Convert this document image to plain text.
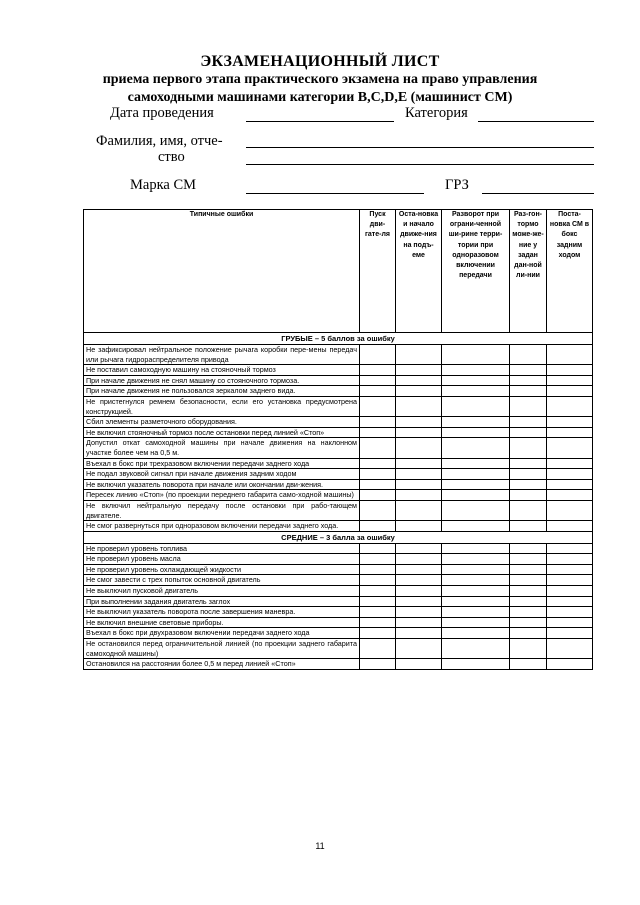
ЭКЗАМЕНАЦИОННЫЙ ЛИСТ
приема первого этапа практического экзамена на право управления
самоходными машинами категории B,C,D,E (машинист СМ)
Дата проведения	Категория
Фамилия, имя, отче-
ство
Марка СМ	ГРЗ
Типичные ошибки	Пуск дви-гате-ля	Оста-новка и начало движе-ния на подъ-еме	Разворот при ограни-ченной ши-рине терри-тории при одноразовом включении передачи	Раз-гон-тормо може-же-ние у задан дан-ной ли-нии	Поста-новка СМ в бокс задним ходом
ГРУБЫЕ – 5 баллов за ошибку					
Не зафиксировал нейтральное положение рычага коробки пере-мены передач или рычага гидрораспределителя привода					
Не поставил самоходную машину на стояночный тормоз					
При начале движения не снял машину со стояночного тормоза.					
При начале движения не пользовался зеркалом заднего вида.					
Не пристегнулся ремнем безопасности, если его установка предусмотрена конструкцией.					
Сбил элементы разметочного оборудования.					
Не включил стояночный тормоз после остановки перед линией «Стоп»					
Допустил откат самоходной машины при начале движения на наклонном участке более чем на 0,5 м.					
Въехал в бокс при трехразовом включении передачи заднего хода					
Не подал звуковой сигнал при начале движения задним ходом					
Не включил указатель поворота при начале или окончании дви-жения.					
Пересек линию «Стоп» (по проекции переднего габарита само-ходной машины)					
Не включил нейтральную передачу после остановки при рабо-тающем двигателе.					
Не смог развернуться при одноразовом включении передачи заднего хода.					
СРЕДНИЕ – 3 балла за ошибку					
Не проверил уровень топлива					
Не проверил уровень масла					
Не проверил уровень охлаждающей жидкости					
Не смог завести с трех попыток основной двигатель					
Не выключил пусковой двигатель					
При выполнении задания двигатель заглох					
Не выключил указатель поворота после завершения маневра.					
Не включил внешние световые приборы.					
Въехал в бокс при двухразовом включении передачи заднего хода					
Не остановился перед ограничительной линией (по проекции заднего габарита самоходной машины)					
Остановился на расстоянии более 0,5 м перед линией «Стоп»					
11
